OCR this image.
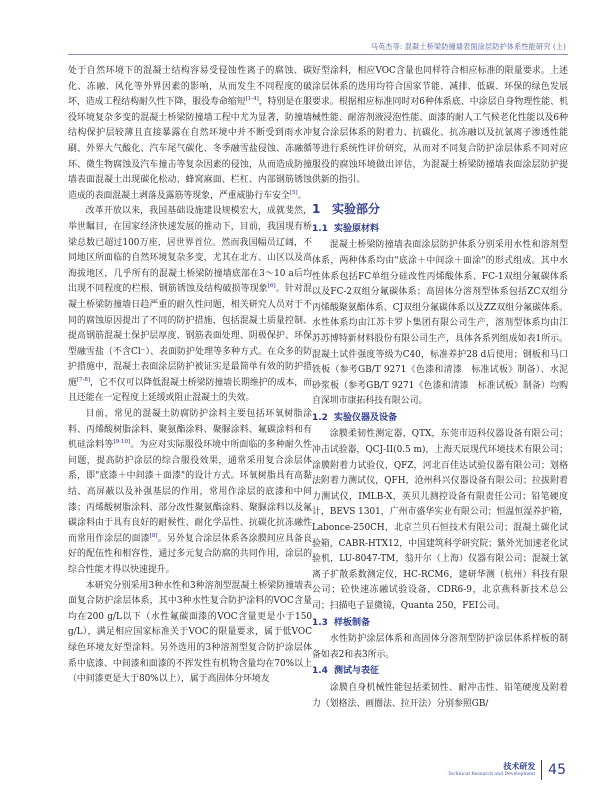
马英杰等: 混凝土桥梁防撞墙表面涂层防护体系性能研究 (上)

处于自然环境下的混凝土结构容易受侵蚀性离子的腐蚀、碳化、冻融、风化等外界因素的影响，从而发生不同程度的破坏，造成工程结构耐久性下降，服役寿命缩短[1-4]，特别是在服役环境复杂多变的混凝土桥梁防撞墙工程中尤为显著，防撞墙结构保护层较薄且直接暴露在自然环境中并不断受到雨水冲刷、外界大气酸化、汽车尾气碳化、冬季融雪盐侵蚀、冻融循环、微生物腐蚀及汽车撞击等复杂因素的侵蚀，从而造成防撞墙表面混凝土出现碳化松动、蜂窝麻面、栏杠、内部钢筋锈蚀造成的表面混凝土剥落及露筋等现象，严重威胁行车安全[5]。

改革开放以来，我国基础设施建设规模宏大，成就斐然，举世瞩目，在国家经济快速发展的推动下，目前，我国现有桥梁总数已超过100万座，居世界首位。然而我国幅员辽阔，不同地区所面临的自然环境复杂多变，尤其在北方、山区以及高海拔地区，几乎所有的混凝土桥梁防撞墙底部在3～10 a后均出现不同程度的栏根、钢筋锈蚀及结构破损等现象[6]。针对混凝土桥梁防撞墙日趋严重的耐久性问题，相关研究人员对于不同的腐蚀原因提出了不同的防护措施，包括混凝土质量控制、提高钢筋混凝土保护层厚度、钢筋表面处理、阴极保护、环保型融雪盐（不含Cl⁻）、表面防护处理等多种方式。在众多的防护措施中，混凝土表面涂层防护被证实是最简单有效的防护措施[7-8]，它不仅可以降低混凝土桥梁防撞墙长期维护的成本，而且还能在一定程度上延缓或阻止混凝土的失效。

目前，常见的混凝土防腐防护涂料主要包括环氧树脂涂料、丙烯酸树脂涂料、聚氨酯涂料、聚脲涂料、氟碳涂料和有机硅涂料等[9-10]。为应对实际服役环境中所面临的多种耐久性问题，提高防护涂层的综合服役效果，通常采用复合涂层体系，即"底漆＋中间漆＋面漆"的设计方式。环氧树脂具有高黏结、高屏蔽以及补强基层的作用，常用作涂层的底漆和中间漆；丙烯酸树脂涂料、部分改性聚氨酯涂料、聚脲涂料以及氟碳涂料由于具有良好的耐候性、耐化学品性、抗碳化抗冻融性而常用作涂层的面漆[8]。另外复合涂层体系各涂膜间应具备良好的配伍性和相容性，通过多元复合防腐的共同作用，涂层的综合性能才得以快速提升。

本研究分别采用3种水性和3种溶剂型混凝土桥梁防撞墙表面复合防护涂层体系，其中3种水性复合防护涂料的VOC含量均在200 g/L以下（水性氟碳面漆的VOC含量更是小于150 g/L），满足相应国家标准关于VOC的限量要求，属于低VOC绿色环境友好型涂料。另外选用的3种溶剂型复合防护涂层体系中底漆、中间漆和面漆的不挥发性有机物含量均在70%以上（中间漆更是大于80%以上），属于高固体分环境友

好型涂料，相应VOC含量也同样符合相应标准的限量要求。上述涂层体系的选用均符合国家节能、减排、低碳、环保的绿色发展要求。根据相应标准同时对6种体系底、中涂层自身物理性能、机械性能、耐溶剂液浸泡性能、面漆的耐人工气候老化性能以及6种复合涂层体系的附着力、抗碳化、抗冻融以及抗氯离子渗透性能等进行系统性评价研究，从而对不同复合防护涂层体系不同对应服役的腐蚀环境做出评估，为混凝土桥梁防撞墙表面涂层防护提供新的指引。

1 实验部分
1.1 实验原材料

混凝土桥梁防撞墙表面涂层防护体系分别采用水性和溶剂型体系，两种体系均由"底涂＋中间涂＋面涂"的形式组成。其中水性体系包括FC单组分硅改性丙烯酸体系、FC-1双组分氟碳体系以及FC-2双组分氟碳体系；高固体分溶剂型体系包括ZC双组分丙烯酸聚氨酯体系、CJ双组分氟碳体系以及ZZ双组分氟碳体系。水性体系均由江苏卡罗卜集团有限公司生产，溶剂型体系均由江苏苏博特新材料股份有限公司生产，具体各系列组成如表1所示。混凝土试件强度等级为C40，标准养护28 d后使用；钢板和马口铁板（参考GB/T 9271《色漆和清漆　标准试板》制备）、水泥砂浆板（参考GB/T 9271《色漆和清漆　标准试板》制备）均购自深圳市康拓科技有限公司。

1.2 实验仪器及设备

涂膜柔韧性测定器，QTX，东莞市迈科仪器设备有限公司；冲击试验器，QCJ-II(0.5 m)，上海天辰现代环境技术有限公司；涂膜附着力试验仪，QFZ，河北百佳达试验仪器有限公司；划格法附着力测试仪，QFH，沧州科兴仪器设备有限公司；拉拔附着力测试仪，IMLB-X，英贝儿测控设备有限责任公司；铅笔硬度计，BEVS 1301，广州市盛华实业有限公司；恒温恒湿养护箱，Labonce-250CH，北京兰贝石恒技术有限公司；混凝土碳化试验箱，CABR-HTX12，中国建筑科学研究院；紫外光加速老化试验机，LU-8047-TM，翁开尔（上海）仪器有限公司；混凝土氯离子扩散系数测定仪，HC-RCM6，建研华测（杭州）科技有限公司；砼快速冻融试验设备，CDR6-9，北京燕科新技术总公司；扫描电子显微镜，Quanta 250，FEI公司。

1.3 样板制备

水性防护涂层体系和高固体分溶剂型防护涂层体系样板的制备如表2和表3所示。

1.4 测试与表征

涂膜自身机械性能包括柔韧性、耐冲击性、铅笔硬度及附着力（划格法、画圈法、拉开法）分别参照GB/

技术研发
Technical Research and Development 45
